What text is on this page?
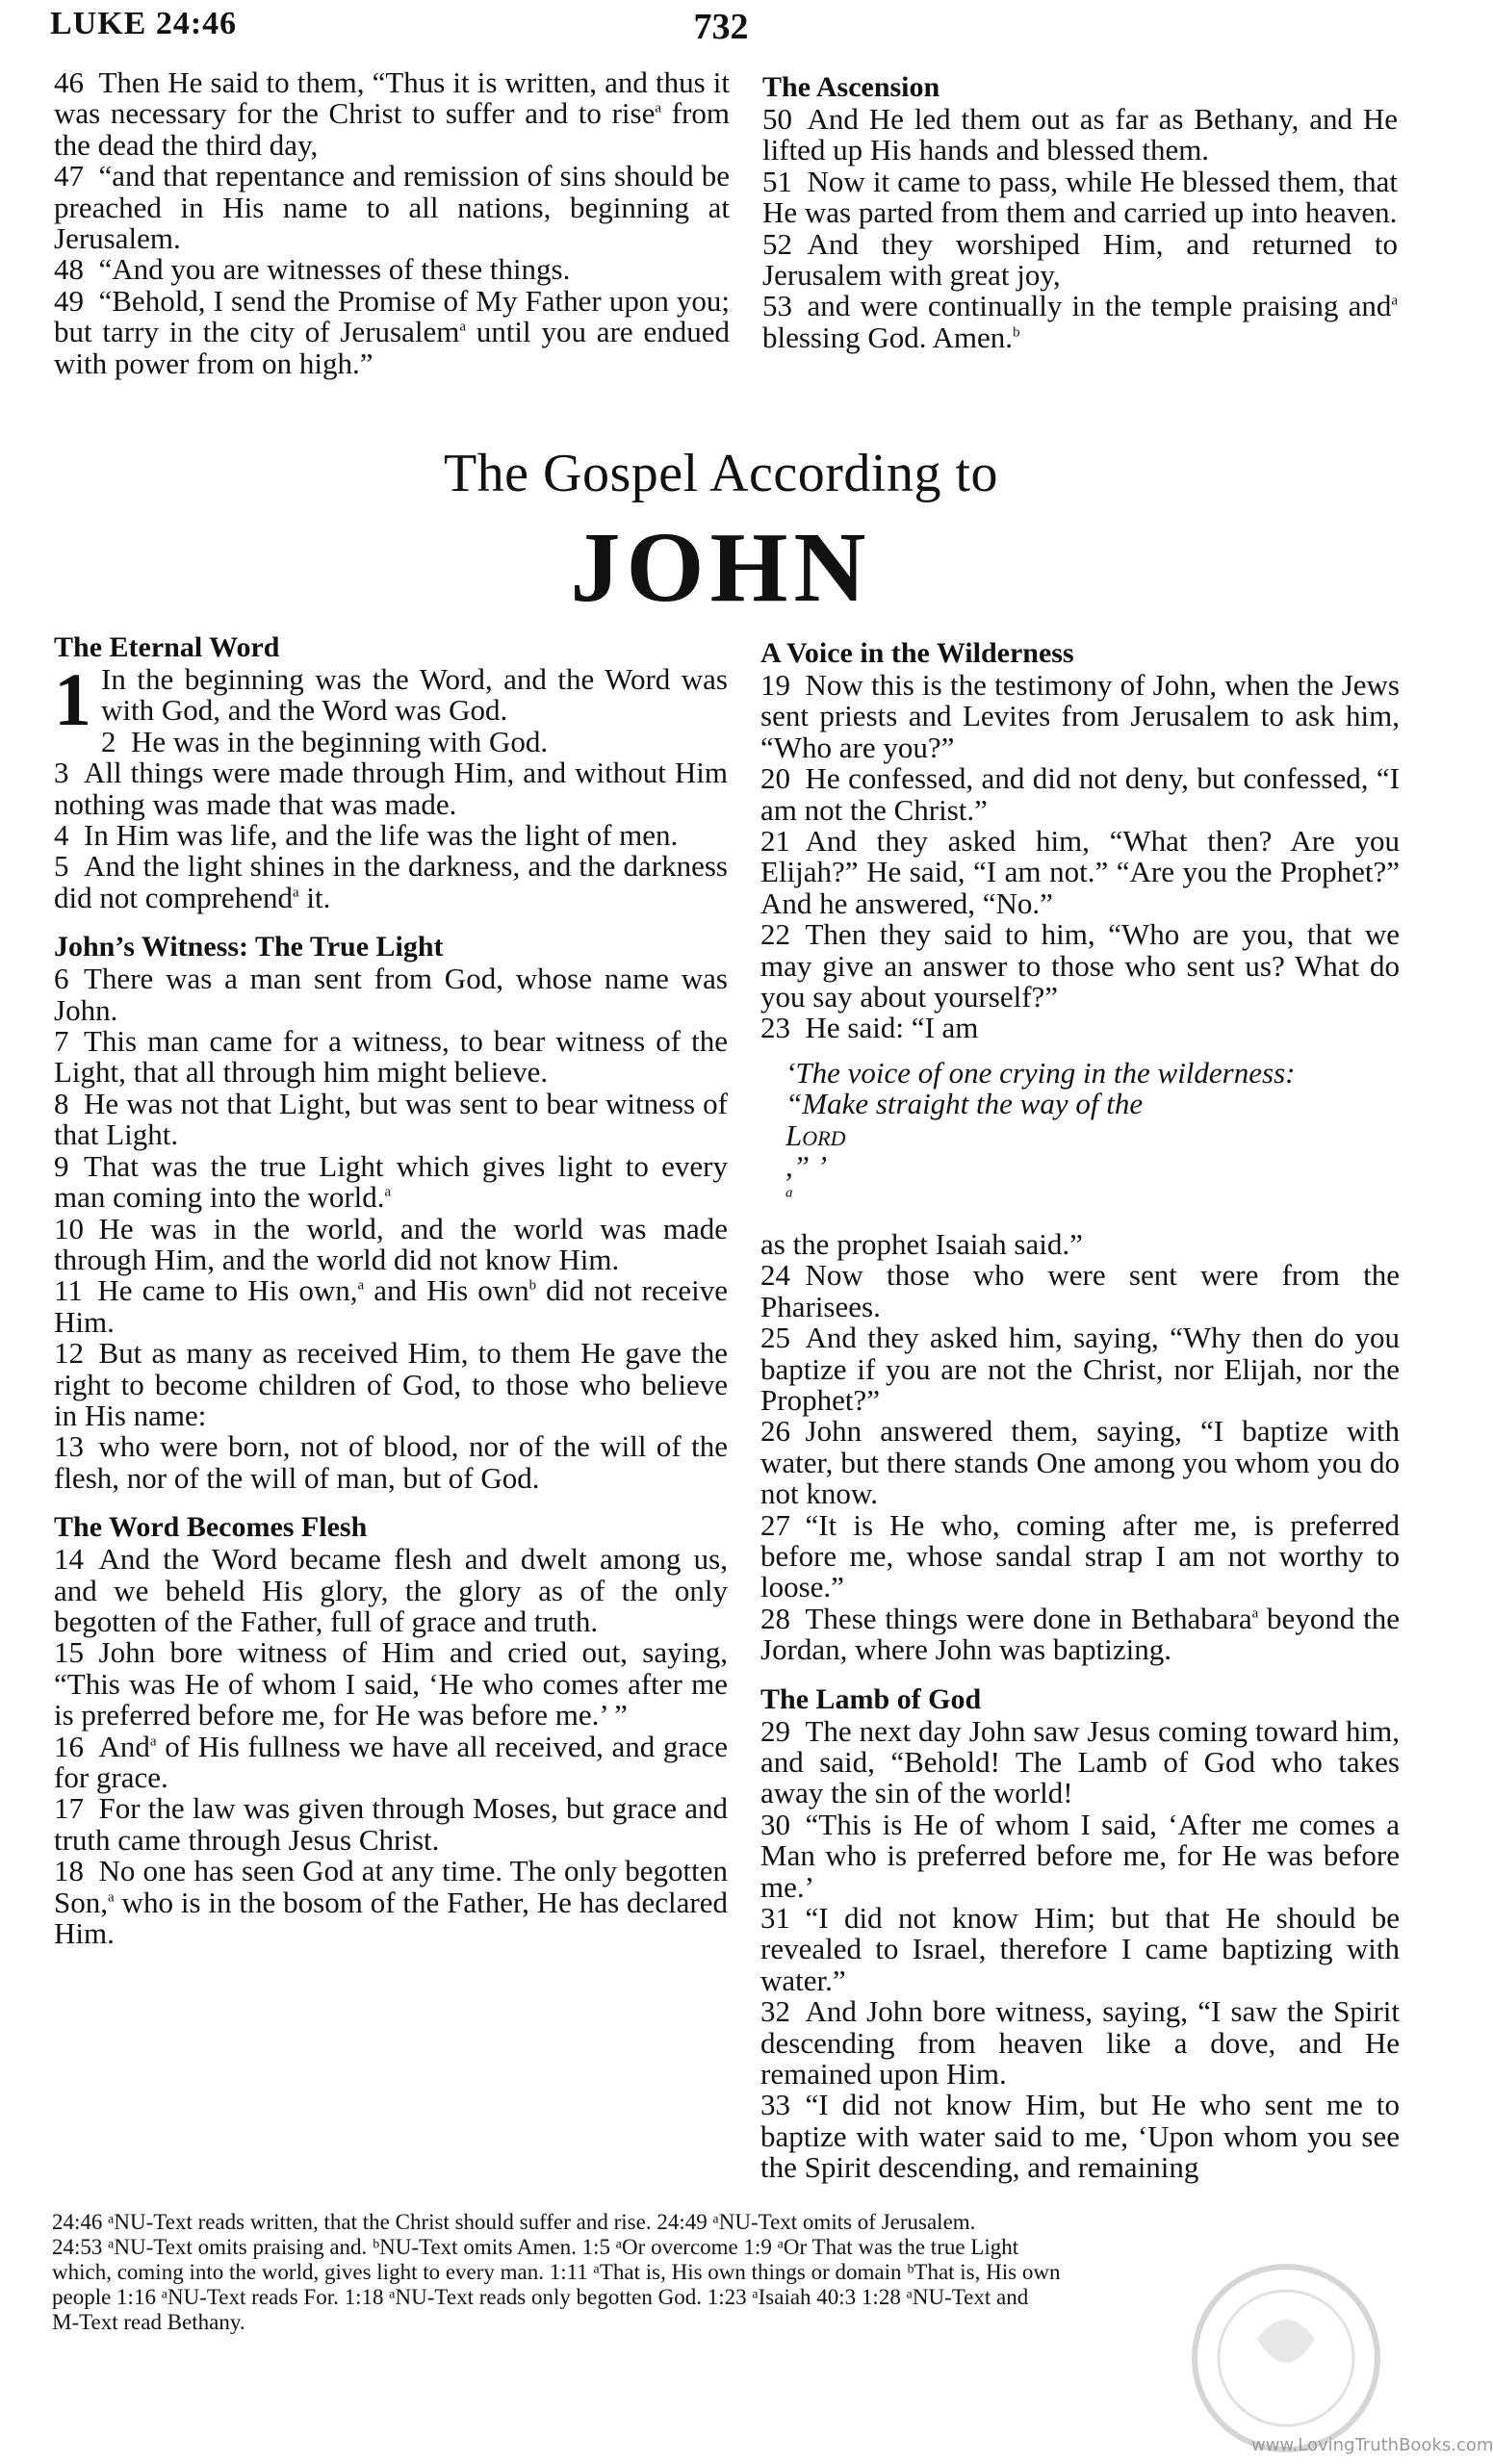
LUKE 24:46	732

46  Then He said to them, “Thus it is written, and thus it was necessary for the Christ to suffer and to rise$^a$ from the dead the third day,

47  “and that repentance and remission of sins should be preached in His name to all nations, beginning at Jerusalem.

48  “And you are witnesses of these things.

49  “Behold, I send the Promise of My Father upon you; but tarry in the city of Jerusalem$^a$ until you are endued with power from on high.”

The Ascension

50  And He led them out as far as Bethany, and He lifted up His hands and blessed them.

51  Now it came to pass, while He blessed them, that He was parted from them and carried up into heaven.

52  And they worshiped Him, and returned to Jerusalem with great joy,

53  and were continually in the temple praising and$^a$ blessing God. Amen.$^b$

The Gospel According to
JOHN

The Eternal Word

1 In the beginning was the Word, and the Word was with God, and the Word was God.

2  He was in the beginning with God.

3  All things were made through Him, and without Him nothing was made that was made.

4  In Him was life, and the life was the light of men.

5  And the light shines in the darkness, and the darkness did not comprehend$^a$ it.

John’s Witness: The True Light

6  There was a man sent from God, whose name was John.

7  This man came for a witness, to bear witness of the Light, that all through him might believe.

8  He was not that Light, but was sent to bear witness of that Light.

9  That was the true Light which gives light to every man coming into the world.$^a$

10  He was in the world, and the world was made through Him, and the world did not know Him.

11  He came to His own,$^a$ and His own$^b$ did not receive Him.

12  But as many as received Him, to them He gave the right to become children of God, to those who believe in His name:

13  who were born, not of blood, nor of the will of the flesh, nor of the will of man, but of God.

The Word Becomes Flesh

14  And the Word became flesh and dwelt among us, and we beheld His glory, the glory as of the only begotten of the Father, full of grace and truth.

15  John bore witness of Him and cried out, saying, “This was He of whom I said, ‘He who comes after me is preferred before me, for He was before me.’ ”

16  And$^a$ of His fullness we have all received, and grace for grace.

17  For the law was given through Moses, but grace and truth came through Jesus Christ.

18  No one has seen God at any time. The only begotten Son,$^a$ who is in the bosom of the Father, He has declared Him.

A Voice in the Wilderness

19  Now this is the testimony of John, when the Jews sent priests and Levites from Jerusalem to ask him, “Who are you?”

20  He confessed, and did not deny, but confessed, “I am not the Christ.”

21  And they asked him, “What then? Are you Elijah?” He said, “I am not.” “Are you the Prophet?” And he answered, “No.”

22  Then they said to him, “Who are you, that we may give an answer to those who sent us? What do you say about yourself?”

23  He said: “I am

‘The voice of one crying in the wilderness:
“Make straight the way of the
Lord
,” ’
$^a$

as the prophet Isaiah said.”

24  Now those who were sent were from the Pharisees.

25  And they asked him, saying, “Why then do you baptize if you are not the Christ, nor Elijah, nor the Prophet?”

26  John answered them, saying, “I baptize with water, but there stands One among you whom you do not know.

27  “It is He who, coming after me, is preferred before me, whose sandal strap I am not worthy to loose.”

28  These things were done in Bethabara$^a$ beyond the Jordan, where John was baptizing.

The Lamb of God

29  The next day John saw Jesus coming toward him, and said, “Behold! The Lamb of God who takes away the sin of the world!

30  “This is He of whom I said, ‘After me comes a Man who is preferred before me, for He was before me.’

31  “I did not know Him; but that He should be revealed to Israel, therefore I came baptizing with water.”

32  And John bore witness, saying, “I saw the Spirit descending from heaven like a dove, and He remained upon Him.

33  “I did not know Him, but He who sent me to baptize with water said to me, ‘Upon whom you see the Spirit descending, and remaining

24:46 ᵃNU-Text reads written, that the Christ should suffer and rise. 24:49 ᵃNU-Text omits of Jerusalem.

24:53 ᵃNU-Text omits praising and. ᵇNU-Text omits Amen. 1:5 ᵃOr overcome 1:9 ᵃOr That was the true Light

which, coming into the world, gives light to every man. 1:11 ᵃThat is, His own things or domain ᵇThat is, His own

people 1:16 ᵃNU-Text reads For. 1:18 ᵃNU-Text reads only begotten God. 1:23 ᵃIsaiah 40:3 1:28 ᵃNU-Text and

M-Text read Bethany.

www.LovingTruthBooks.com
